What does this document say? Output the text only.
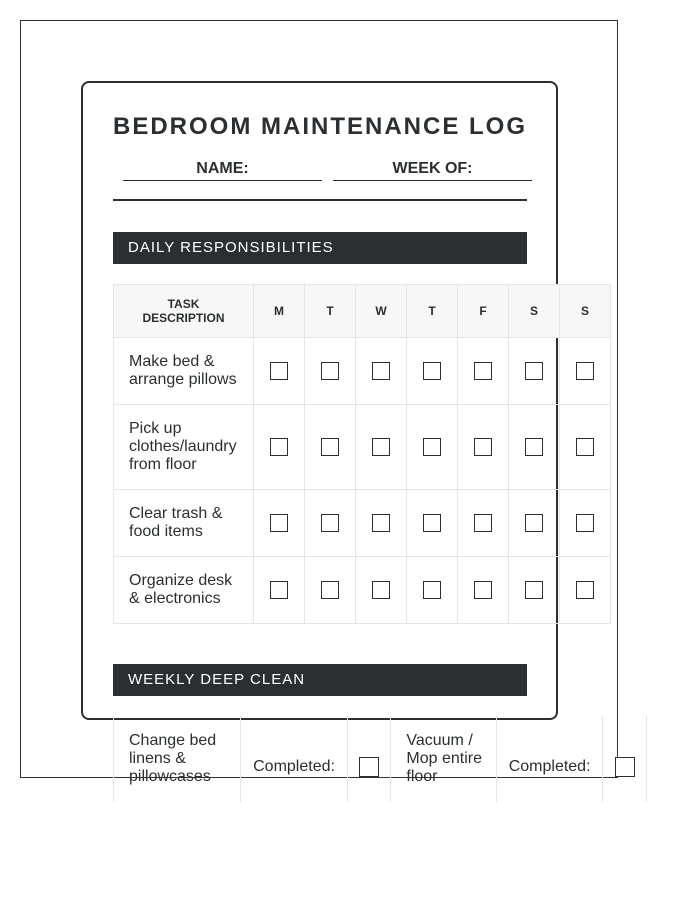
BEDROOM MAINTENANCE LOG
NAME:	WEEK OF:
DAILY RESPONSIBILITIES
TASK
DESCRIPTION	M	T	W	T	F	S	S
Make bed & arrange pillows							
Pick up clothes/laundry from floor							
Clear trash & food items							
Organize desk & electronics							
WEEKLY DEEP CLEAN
Change bed linens & pillowcases	Completed:		Vacuum / Mop entire floor	Completed:	
